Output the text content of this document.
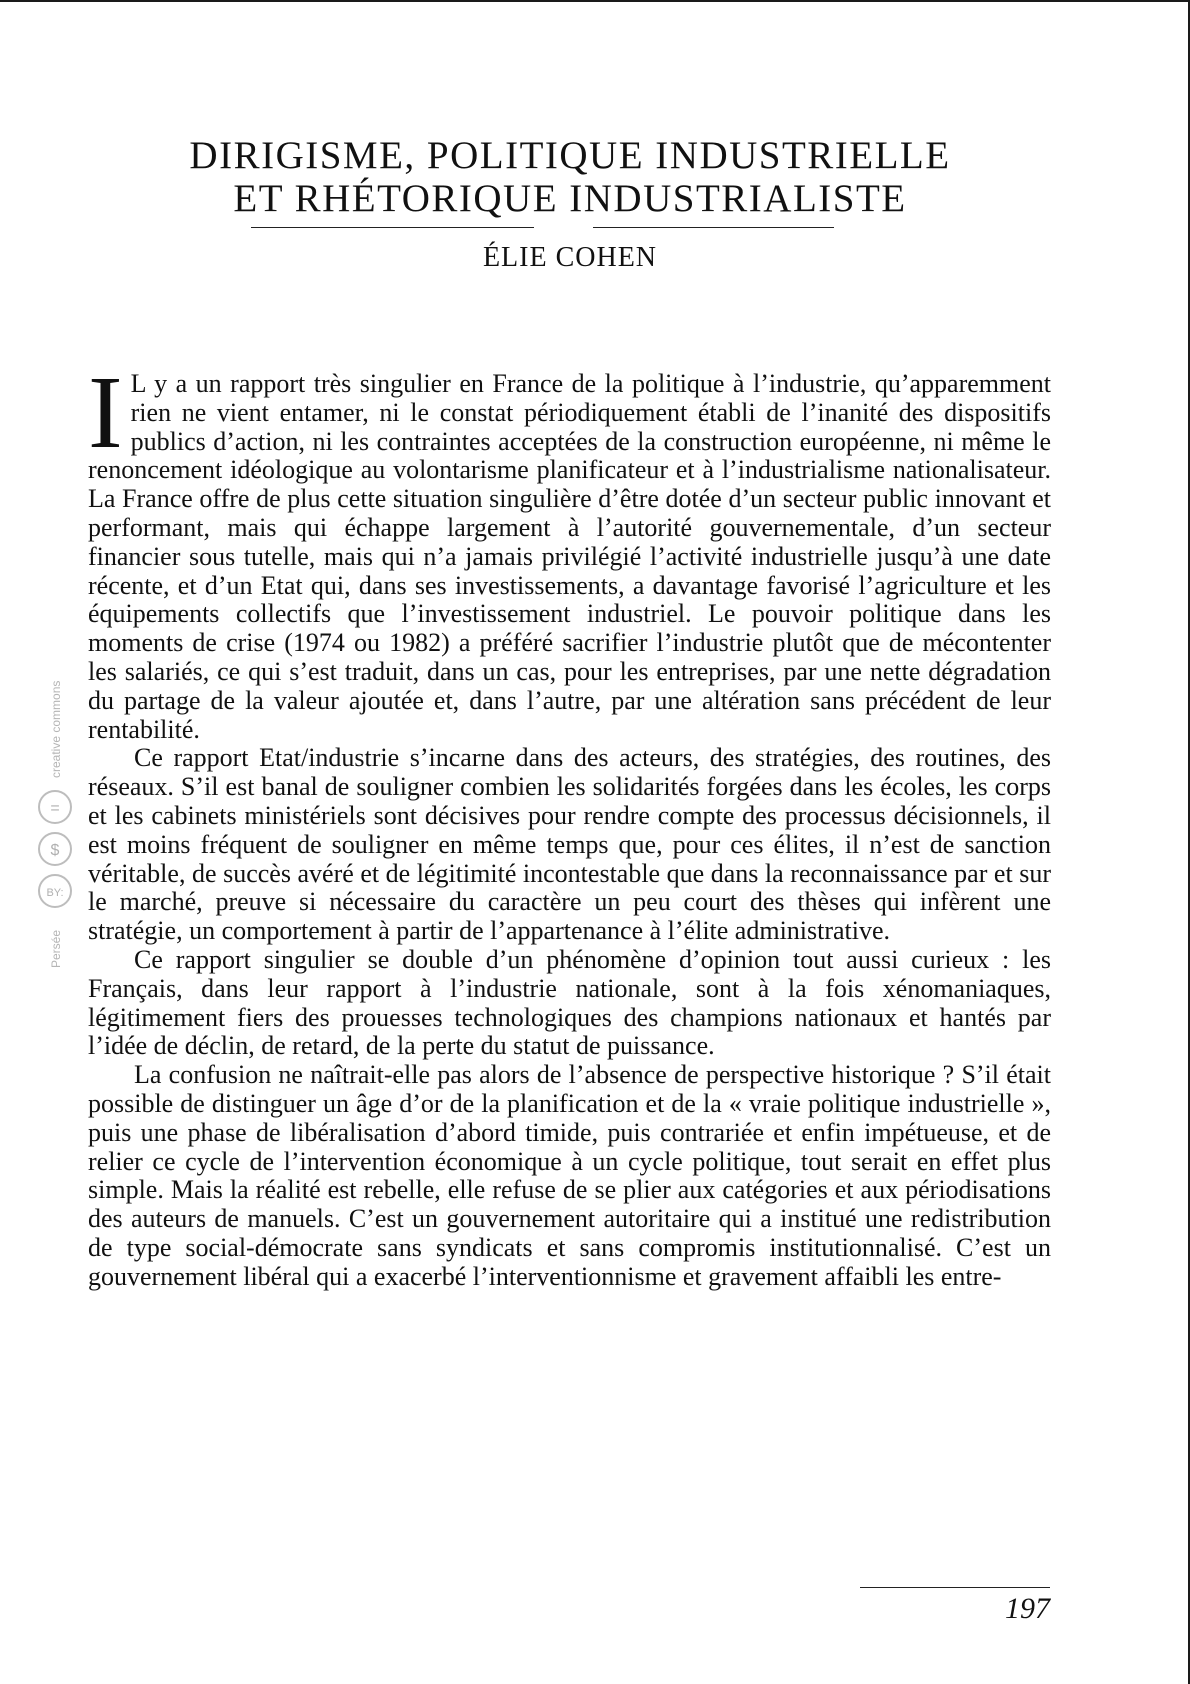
DIRIGISME, POLITIQUE INDUSTRIELLE
ET RHÉTORIQUE INDUSTRIALISTE
ÉLIE COHEN

I L y a un rapport très singulier en France de la politique à l’industrie, qu’apparemment rien ne vient entamer, ni le constat périodiquement établi de l’inanité des dispositifs publics d’action, ni les contraintes acceptées de la construction européenne, ni même le renoncement idéologique au volontarisme planificateur et à l’industrialisme nationalisateur. La France offre de plus cette situation singulière d’être dotée d’un secteur public innovant et performant, mais qui échappe largement à l’autorité gouvernementale, d’un secteur financier sous tutelle, mais qui n’a jamais privilégié l’activité industrielle jusqu’à une date récente, et d’un Etat qui, dans ses investissements, a davantage favorisé l’agriculture et les équipements collectifs que l’investissement industriel. Le pouvoir politique dans les moments de crise (1974 ou 1982) a préféré sacrifier l’industrie plutôt que de mécontenter les salariés, ce qui s’est traduit, dans un cas, pour les entreprises, par une nette dégradation du partage de la valeur ajoutée et, dans l’autre, par une altération sans précédent de leur rentabilité.

Ce rapport Etat/industrie s’incarne dans des acteurs, des stratégies, des routines, des réseaux. S’il est banal de souligner combien les solidarités forgées dans les écoles, les corps et les cabinets ministériels sont décisives pour rendre compte des processus décisionnels, il est moins fréquent de souligner en même temps que, pour ces élites, il n’est de sanction véritable, de succès avéré et de légitimité incontestable que dans la reconnaissance par et sur le marché, preuve si nécessaire du caractère un peu court des thèses qui infèrent une stratégie, un comportement à partir de l’appartenance à l’élite administrative.

Ce rapport singulier se double d’un phénomène d’opinion tout aussi curieux : les Français, dans leur rapport à l’industrie nationale, sont à la fois xénomaniaques, légitimement fiers des prouesses technologiques des champions nationaux et hantés par l’idée de déclin, de retard, de la perte du statut de puissance.

La confusion ne naîtrait-elle pas alors de l’absence de perspective historique ? S’il était possible de distinguer un âge d’or de la planification et de la « vraie politique industrielle », puis une phase de libéralisation d’abord timide, puis contrariée et enfin impétueuse, et de relier ce cycle de l’intervention économique à un cycle politique, tout serait en effet plus simple. Mais la réalité est rebelle, elle refuse de se plier aux catégories et aux périodisations des auteurs de manuels. C’est un gouvernement autoritaire qui a institué une redistribution de type social-démocrate sans syndicats et sans compromis institutionnalisé. C’est un gouvernement libéral qui a exacerbé l’interventionnisme et gravement affaibli les entre-

creative commons
=
$
BY:
Persée
197
